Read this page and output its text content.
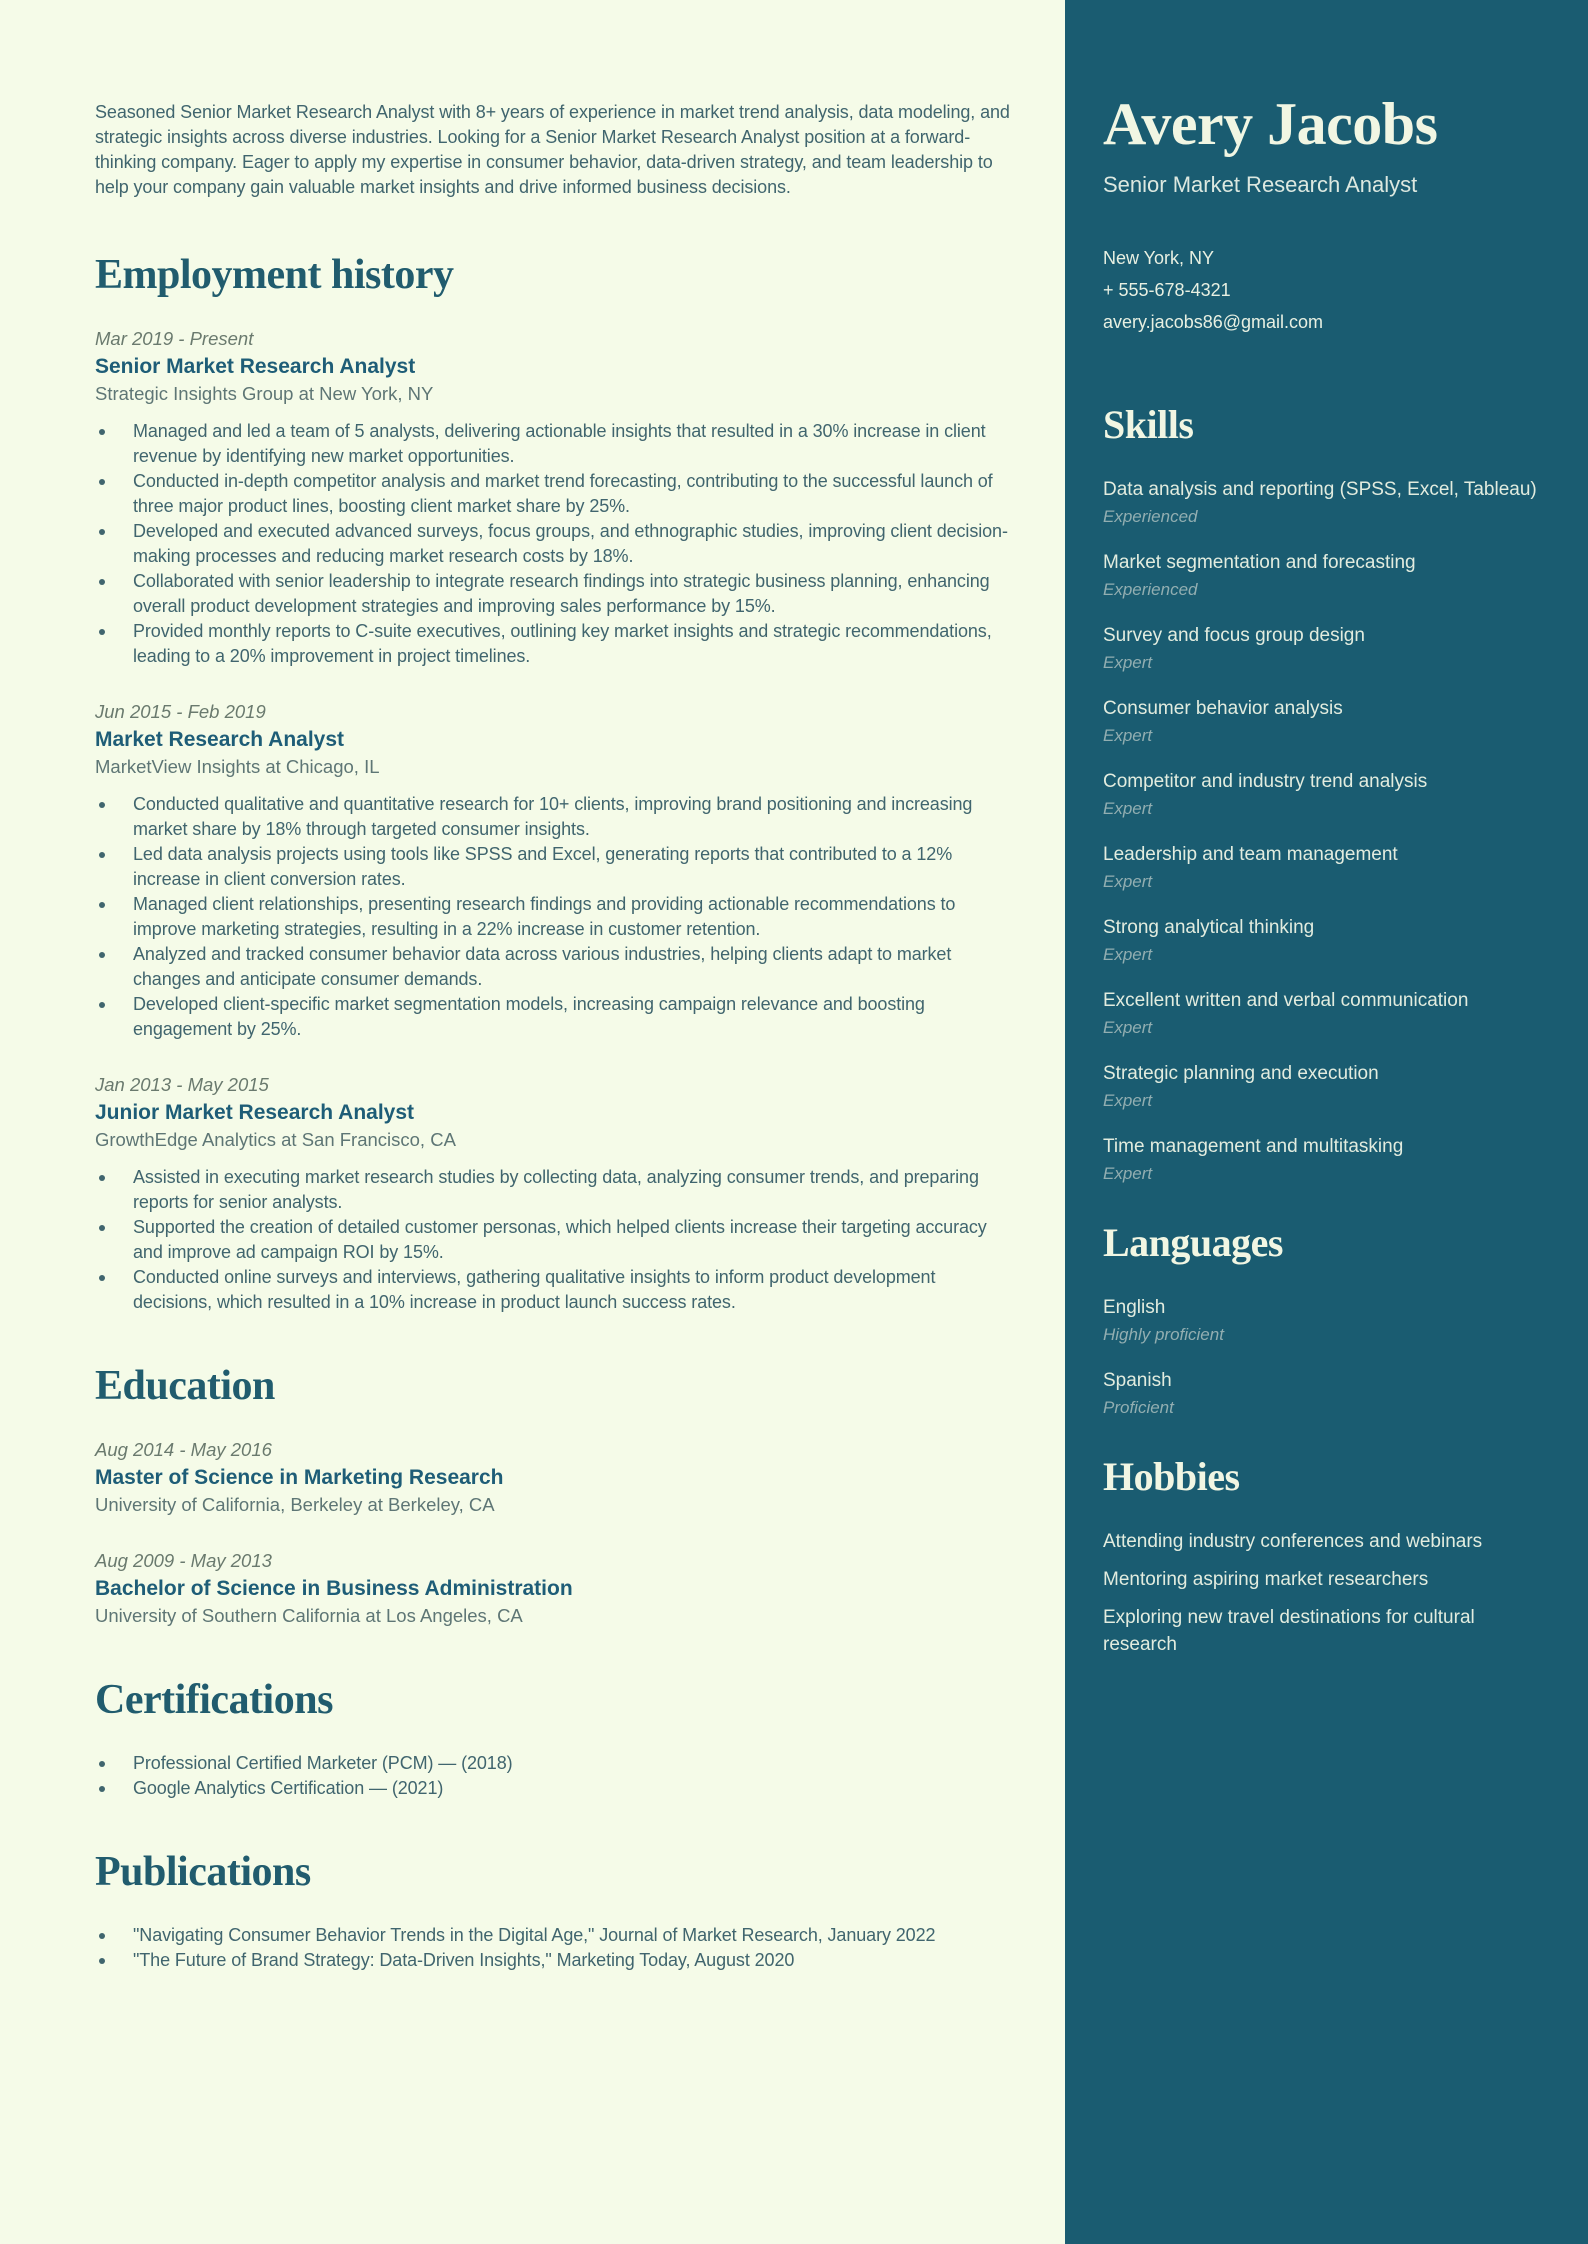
Seasoned Senior Market Research Analyst with 8+ years of experience in market trend analysis, data modeling, and strategic insights across diverse industries. Looking for a Senior Market Research Analyst position at a forward-thinking company. Eager to apply my expertise in consumer behavior, data-driven strategy, and team leadership to help your company gain valuable market insights and drive informed business decisions.

Employment history
Mar 2019 - Present
Senior Market Research Analyst
Strategic Insights Group at New York, NY
Managed and led a team of 5 analysts, delivering actionable insights that resulted in a 30% increase in client revenue by identifying new market opportunities.
Conducted in-depth competitor analysis and market trend forecasting, contributing to the successful launch of three major product lines, boosting client market share by 25%.
Developed and executed advanced surveys, focus groups, and ethnographic studies, improving client decision-making processes and reducing market research costs by 18%.
Collaborated with senior leadership to integrate research findings into strategic business planning, enhancing overall product development strategies and improving sales performance by 15%.
Provided monthly reports to C-suite executives, outlining key market insights and strategic recommendations, leading to a 20% improvement in project timelines.
Jun 2015 - Feb 2019
Market Research Analyst
MarketView Insights at Chicago, IL
Conducted qualitative and quantitative research for 10+ clients, improving brand positioning and increasing market share by 18% through targeted consumer insights.
Led data analysis projects using tools like SPSS and Excel, generating reports that contributed to a 12% increase in client conversion rates.
Managed client relationships, presenting research findings and providing actionable recommendations to improve marketing strategies, resulting in a 22% increase in customer retention.
Analyzed and tracked consumer behavior data across various industries, helping clients adapt to market changes and anticipate consumer demands.
Developed client-specific market segmentation models, increasing campaign relevance and boosting engagement by 25%.
Jan 2013 - May 2015
Junior Market Research Analyst
GrowthEdge Analytics at San Francisco, CA
Assisted in executing market research studies by collecting data, analyzing consumer trends, and preparing reports for senior analysts.
Supported the creation of detailed customer personas, which helped clients increase their targeting accuracy and improve ad campaign ROI by 15%.
Conducted online surveys and interviews, gathering qualitative insights to inform product development decisions, which resulted in a 10% increase in product launch success rates.
Education
Aug 2014 - May 2016
Master of Science in Marketing Research
University of California, Berkeley at Berkeley, CA
Aug 2009 - May 2013
Bachelor of Science in Business Administration
University of Southern California at Los Angeles, CA
Certifications
Professional Certified Marketer (PCM) — (2018)
Google Analytics Certification — (2021)
Publications
"Navigating Consumer Behavior Trends in the Digital Age," Journal of Market Research, January 2022
"The Future of Brand Strategy: Data-Driven Insights," Marketing Today, August 2020
Avery Jacobs
Senior Market Research Analyst
New York, NY
+ 555-678-4321
avery.jacobs86@gmail.com
Skills
Data analysis and reporting (SPSS, Excel, Tableau)
Experienced
Market segmentation and forecasting
Experienced
Survey and focus group design
Expert
Consumer behavior analysis
Expert
Competitor and industry trend analysis
Expert
Leadership and team management
Expert
Strong analytical thinking
Expert
Excellent written and verbal communication
Expert
Strategic planning and execution
Expert
Time management and multitasking
Expert
Languages
English
Highly proficient
Spanish
Proficient
Hobbies
Attending industry conferences and webinars
Mentoring aspiring market researchers
Exploring new travel destinations for cultural research
